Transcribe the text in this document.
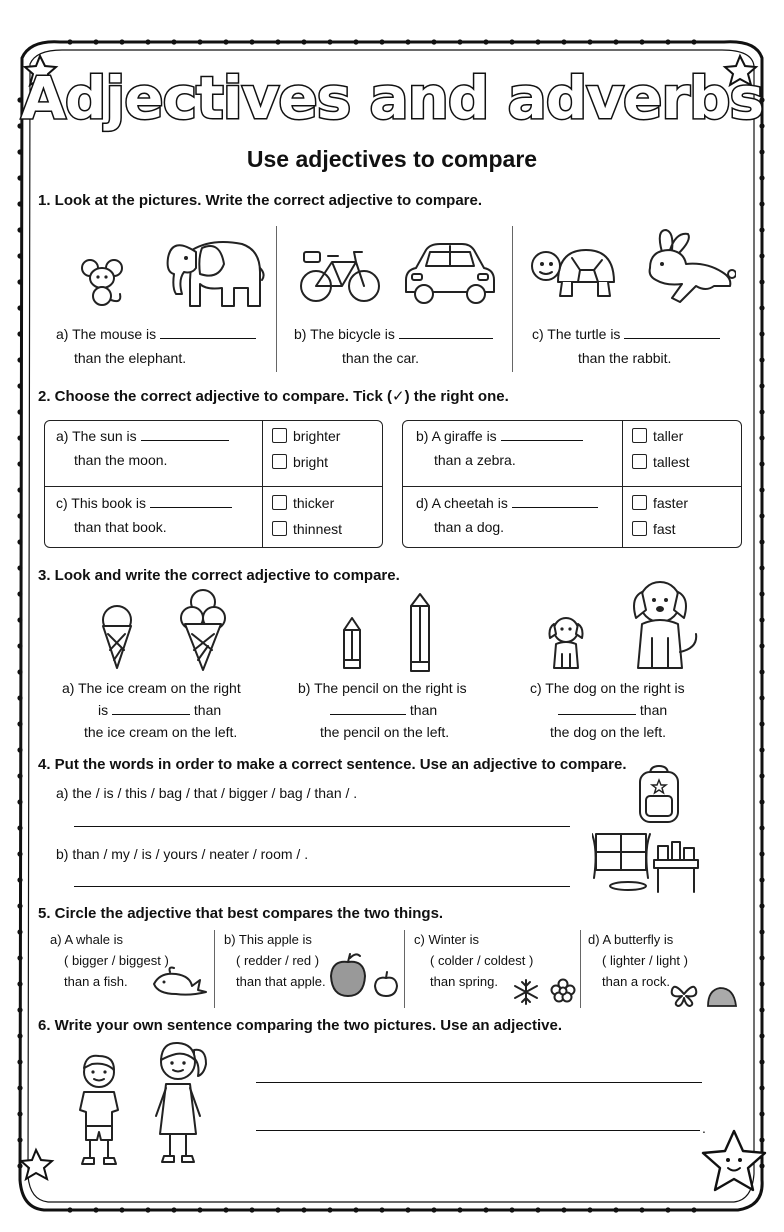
Adjectives and adverbs
Use adjectives to compare
1. Look at the pictures. Write the correct adjective to compare.
a) The mouse is
than the elephant.
b) The bicycle is
than the car.
c) The turtle is
than the rabbit.
2. Choose the correct adjective to compare. Tick (✓) the right one.
a) The sun is
than the moon.
brighter
bright
b) A giraffe is
than a zebra.
taller
tallest
c) This book is
than that book.
thicker
thinnest
d) A cheetah is
than a dog.
faster
fast
3. Look and write the correct adjective to compare.
a) The ice cream on the right
is	than
the ice cream on the left.
b) The pencil on the right is
than
the pencil on the left.
c) The dog on the right is
than
the dog on the left.
4. Put the words in order to make a correct sentence. Use an adjective to compare.
a) the / is / this / bag / that / bigger / bag / than / .
b) than / my / is / yours / neater / room / .
5. Circle the adjective that best compares the two things.
a) A whale is
( bigger / biggest )
than a fish.
b) This apple is
( redder / red )
than that apple.
c) Winter is
( colder / coldest )
than spring.
d) A butterfly is
( lighter / light )
than a rock.
6. Write your own sentence comparing the two pictures. Use an adjective.
.
